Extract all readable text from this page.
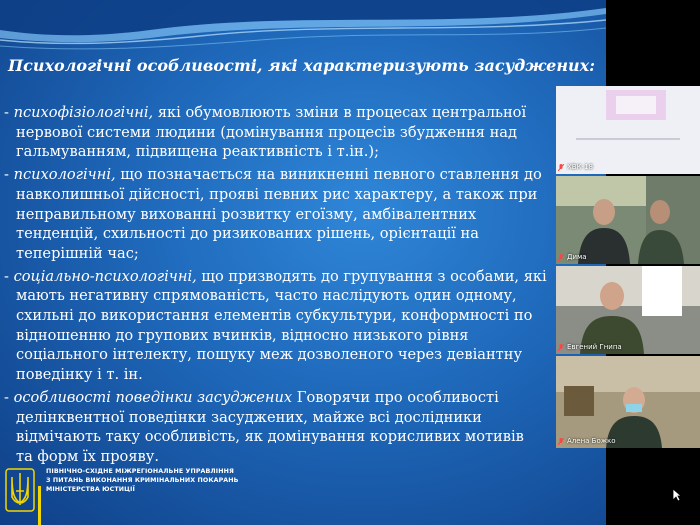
Психологічні особливості, які характеризують засуджених:
- психофізіологічні, які обумовлюють зміни в процесах центральної
нервової системи людини (домінування процесів збудження над
гальмуванням, підвищена реактивність і т.ін.);
- психологічні, що позначається на виникненні певного ставлення до
навколишньої дійсності, прояві певних рис характеру, а також при
неправильному вихованні розвитку егоїзму, амбівалентних
тенденцій, схильності до ризикованих рішень, орієнтації на
теперішній час;
- соціально-психологічні, що призводять до групування з особами, які
мають негативну спрямованість, часто наслідують один одному,
схильні до використання елементів субкультури, конформності по
відношенню до групових вчинків, відносно низького рівня
соціального інтелекту, пошуку меж дозволеного через девіантну
поведінку і т. ін.
- особливості поведінки засуджених Говорячи про особливості
делінквентної поведінки засуджених, майже всі дослідники
відмічають таку особливість, як домінування корисливих мотивів
та форм їх прояву.
ПІВНІЧНО-СХІДНЕ МІЖРЕГІОНАЛЬНЕ УПРАВЛІННЯ
З ПИТАНЬ ВИКОНАННЯ КРИМІНАЛЬНИХ ПОКАРАНЬ
МІНІСТЕРСТВА ЮСТИЦІЇ
ХВК-18
Дима
Евгений Гнипа
Алена Божко
